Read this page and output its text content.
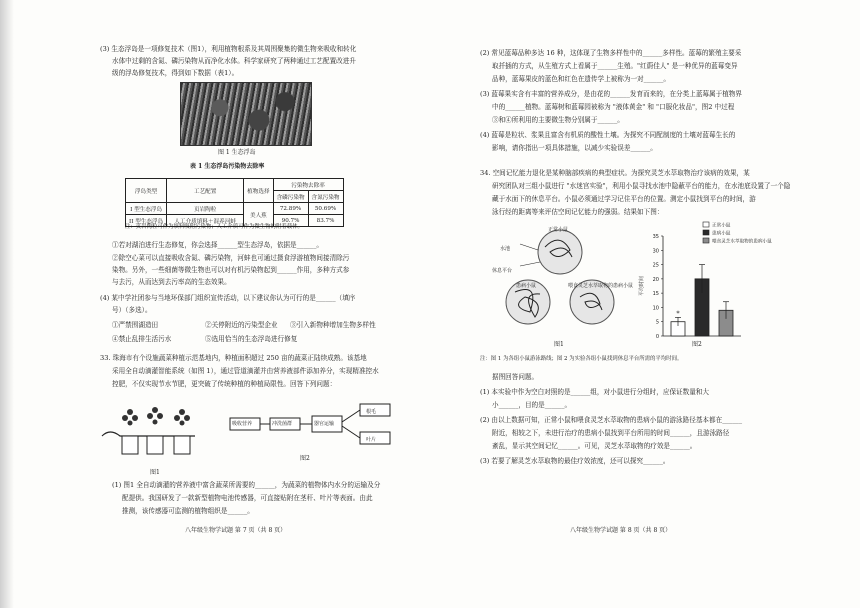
(3) 生态浮岛是一项修复技术（图1），利用植物根系及其周围聚集的微生物来吸收和转化
水体中过剩的含氮、磷污染物从而净化水体。科学家研究了两种通过工艺配置改进升
级的浮岛修复技术，得到如下数据（表1）。
图 1 生态浮岛
表 1 生态浮岛污染物去除率
浮岛类型	工艺配置	植物选择	污染物去除率	
			含磷污染物	含氮污染物
I 型生态浮岛	页岩陶粒	美人蕉	72.89%	50.69%
II 型生态浮岛	人工介质填料＋混养河蚌		90.7%	83.7%
注：页岩陶粒可作为填料吸附污染物；人工介质可作为微生物的附着载体。
①若对湖泊进行生态修复，你会选择______型生态浮岛，依据是______。
②除空心菜可以直接吸收含氮、磷污染物，河蚌也可通过摄食浮游植物间接清除污
染物。另外，一些细菌等微生物也可以对有机污染物起到______作用，多种方式参
与去污，从而达到去污率高的生态效果。
(4) 某中学社团参与当地环保部门组织宣传活动，以下建议你认为可行的是______（填序
号）（多选）。
①严禁围湖造田	②关停附近的污染型企业 ③引入新物种增加生物多样性
④禁止乱排生活污水	⑤选用恰当的生态浮岛进行修复
33. 珠海市有个设施蔬菜种植示范基地内，种植面积超过 250 亩的蔬菜正陆续成熟。该基地
采用全自动滴灌智能系统（如图 1），通过管道滴灌并由营养液部件添加养分，实现精准控水
控肥，不仅实现节水节肥，更突破了传统种植的种植局限性。回答下列问题：
图1
吸收营养	冲洗菌群	器官运输
根毛
叶片
图2
(1) 图1 全自动滴灌的营养液中富含蔬菜所需要的______，为蔬菜的植物体内水分的运输及分
配提供。我国研发了一款新型植物电池传感器，可直接贴附在茎秆、叶片等表面。由此
推测，该传感器可监测的植物组织是______。
八年级生物学试题 第 7 页（共 8 页）
(2) 常见蓝莓品种多达 16 种，这体现了生物多样性中的______多样性。蓝莓的繁殖主要采
取扦插的方式，从生殖方式上看属于______生殖。"红蔚佳人" 是一种优异的蓝莓变异
品种，蓝莓果皮的蓝色和红色在遗传学上被称为一对______。
(3) 蓝莓果实含有丰富的营养成分，是由花的______发育而来的，在分类上蓝莓属于植物界
中的______植物。蓝莓树和蓝莓园被称为 "液体黄金" 和 "口服化妆品"，图2 中过程
③和④所利用的主要微生物分别属于______。
(4) 蓝莓是粒状、浆果且富含有机质的酸性土壤。为探究不同配制度的土壤对蓝莓生长的
影响，请你指出一项具体措施，以减少实验误差______。
34. 空间记忆能力退化是某种脑部疾病的典型症状。为探究灵芝水萃取物治疗该病的效果，某
研究团队对三组小鼠进行 "水迷宫实验"，利用小鼠寻找水池中隐蔽平台的能力，在水池底设置了一个隐
藏于水面下的休息平台。小鼠必须通过学习记住平台的位置。测定小鼠找到平台的时间，游
泳行经的距离等来评估空间记忆能力的强弱。结果如下图：
正常小鼠
水池
休息平台
患病小鼠	喂食灵芝水萃取物的患病小鼠
图1
0
5
10
15
20
25
30
35
平均时间
*
正常小鼠
患病小鼠
喂食灵芝水萃取物的患病小鼠
图2
注：图 1 为各组小鼠游泳路线；图 2 为实验各组小鼠找到休息平台所需的平均时间。
据图回答问题。
(1) 本实验中作为空白对照的是______组，对小鼠进行分组时，应保证数量和大
小______，目的是______。
(2) 由以上数据可知，正常小鼠和喂食灵芝水萃取物的患病小鼠的游泳路径基本都在______
附近，相较之下，未进行治疗的患病小鼠找到平台所用的时间______，且游泳路径
紊乱，显示其空间记忆______。可见，灵芝水萃取物的疗效是______。
(3) 若要了解灵芝水萃取物的最佳疗效浓度，还可以探究______。
八年级生物学试题 第 8 页（共 8 页）
